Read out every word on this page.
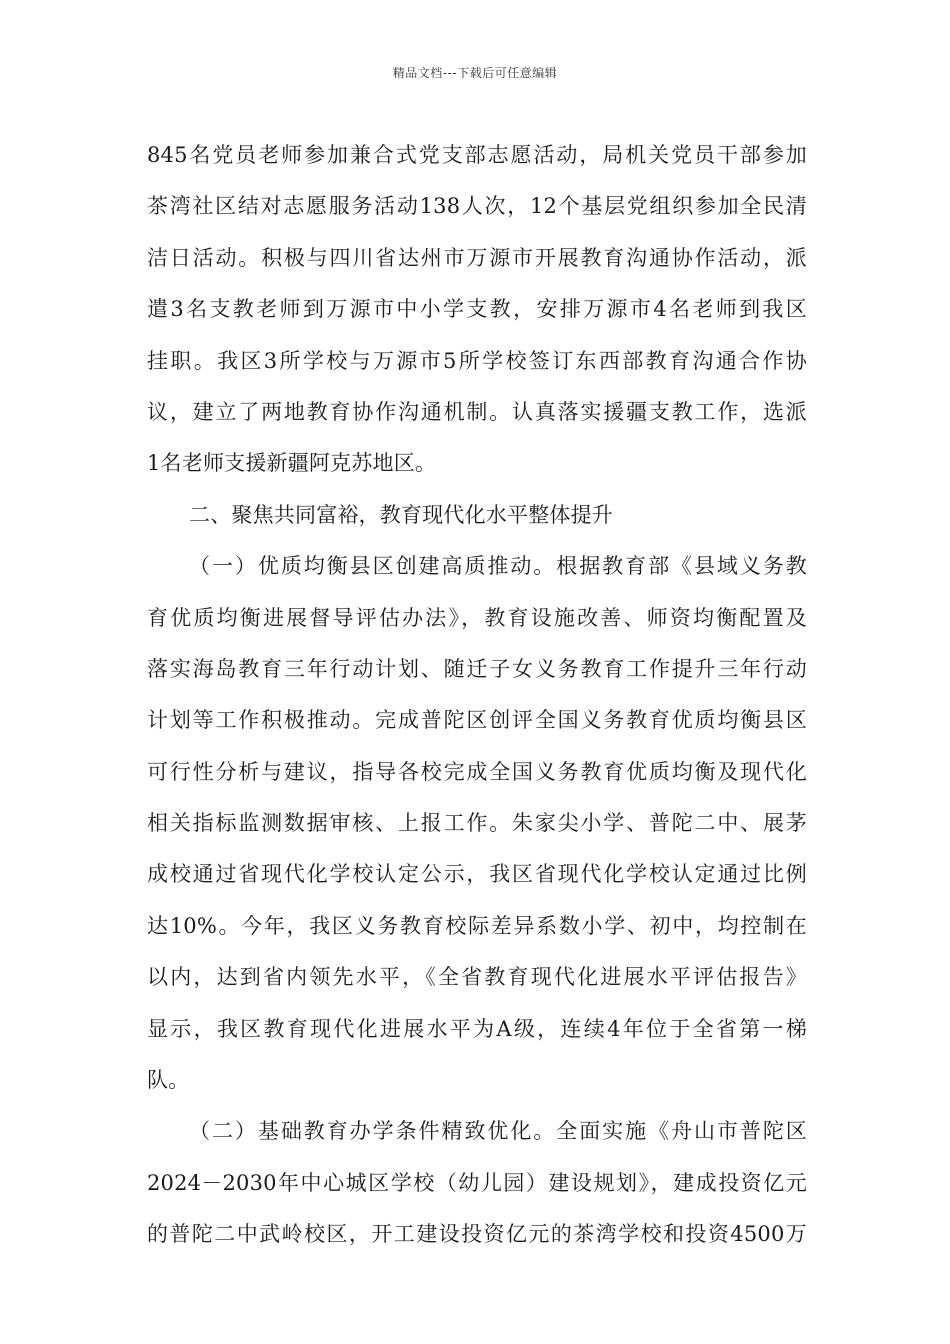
精品文档---下载后可任意编辑
845名党员老师参加兼合式党支部志愿活动，局机关党员干部参加
茶湾社区结对志愿服务活动138人次，12个基层党组织参加全民清
洁日活动。积极与四川省达州市万源市开展教育沟通协作活动，派
遣3名支教老师到万源市中小学支教，安排万源市4名老师到我区
挂职。我区3所学校与万源市5所学校签订东西部教育沟通合作协
议，建立了两地教育协作沟通机制。认真落实援疆支教工作，选派
1名老师支援新疆阿克苏地区。
二、聚焦共同富裕，教育现代化水平整体提升
（一）优质均衡县区创建高质推动。根据教育部《县域义务教
育优质均衡进展督导评估办法》，教育设施改善、师资均衡配置及
落实海岛教育三年行动计划、随迁子女义务教育工作提升三年行动
计划等工作积极推动。完成普陀区创评全国义务教育优质均衡县区
可行性分析与建议，指导各校完成全国义务教育优质均衡及现代化
相关指标监测数据审核、上报工作。朱家尖小学、普陀二中、展茅
成校通过省现代化学校认定公示，我区省现代化学校认定通过比例
达10%。今年，我区义务教育校际差异系数小学、初中，均控制在
以内，达到省内领先水平，《全省教育现代化进展水平评估报告》
显示，我区教育现代化进展水平为A级，连续4年位于全省第一梯
队。
（二）基础教育办学条件精致优化。全面实施《舟山市普陀区
2024－2030年中心城区学校（幼儿园）建设规划》，建成投资亿元
的普陀二中武岭校区，开工建设投资亿元的茶湾学校和投资4500万
